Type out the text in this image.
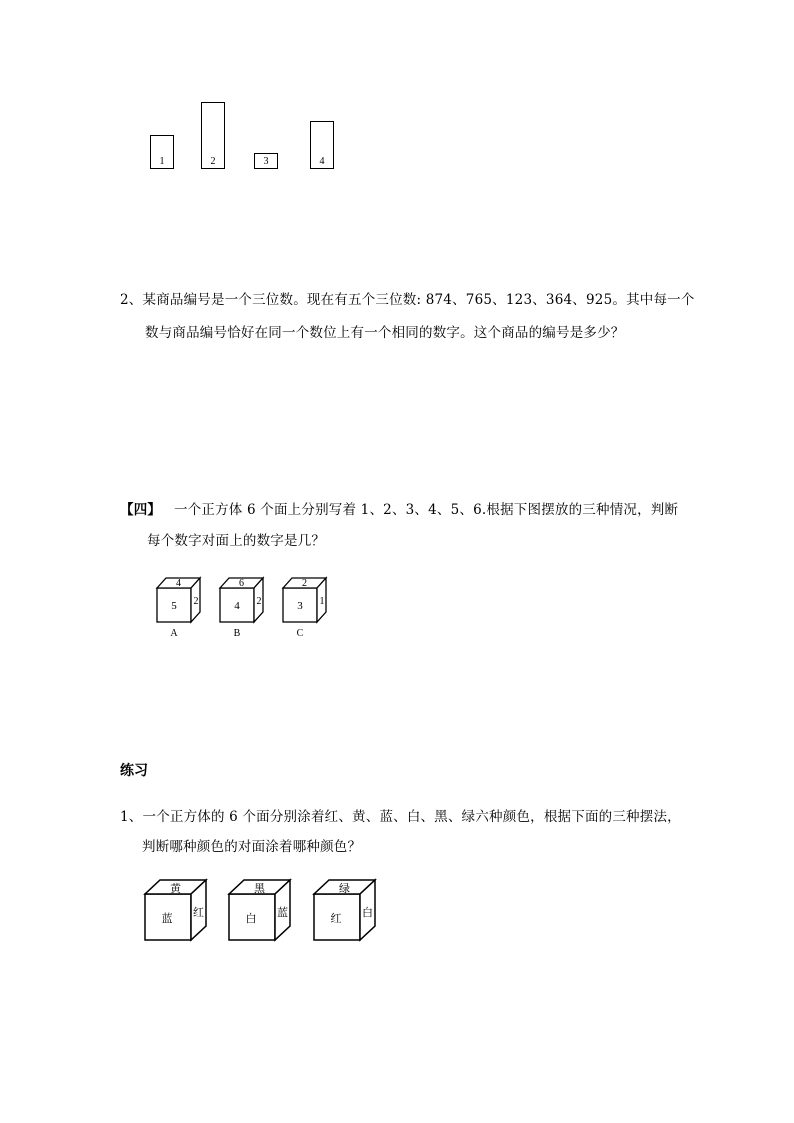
1	2	3	4
2、某商品编号是一个三位数。现在有五个三位数: 874、765、123、364、925。其中每一个
数与商品编号恰好在同一个数位上有一个相同的数字。这个商品的编号是多少？
【四】 一个正方体 6 个面上分别写着 1、2、3、4、5、6.根据下图摆放的三种情况，判断
每个数字对面上的数字是几？
4
5 2
A
6
4 2
B
2
3 1
C
练习
1、一个正方体的 6 个面分别涂着红、黄、蓝、白、黑、绿六种颜色，根据下面的三种摆法，
判断哪种颜色的对面涂着哪种颜色？
黄
蓝 红
黑
白 蓝
绿
红 白
